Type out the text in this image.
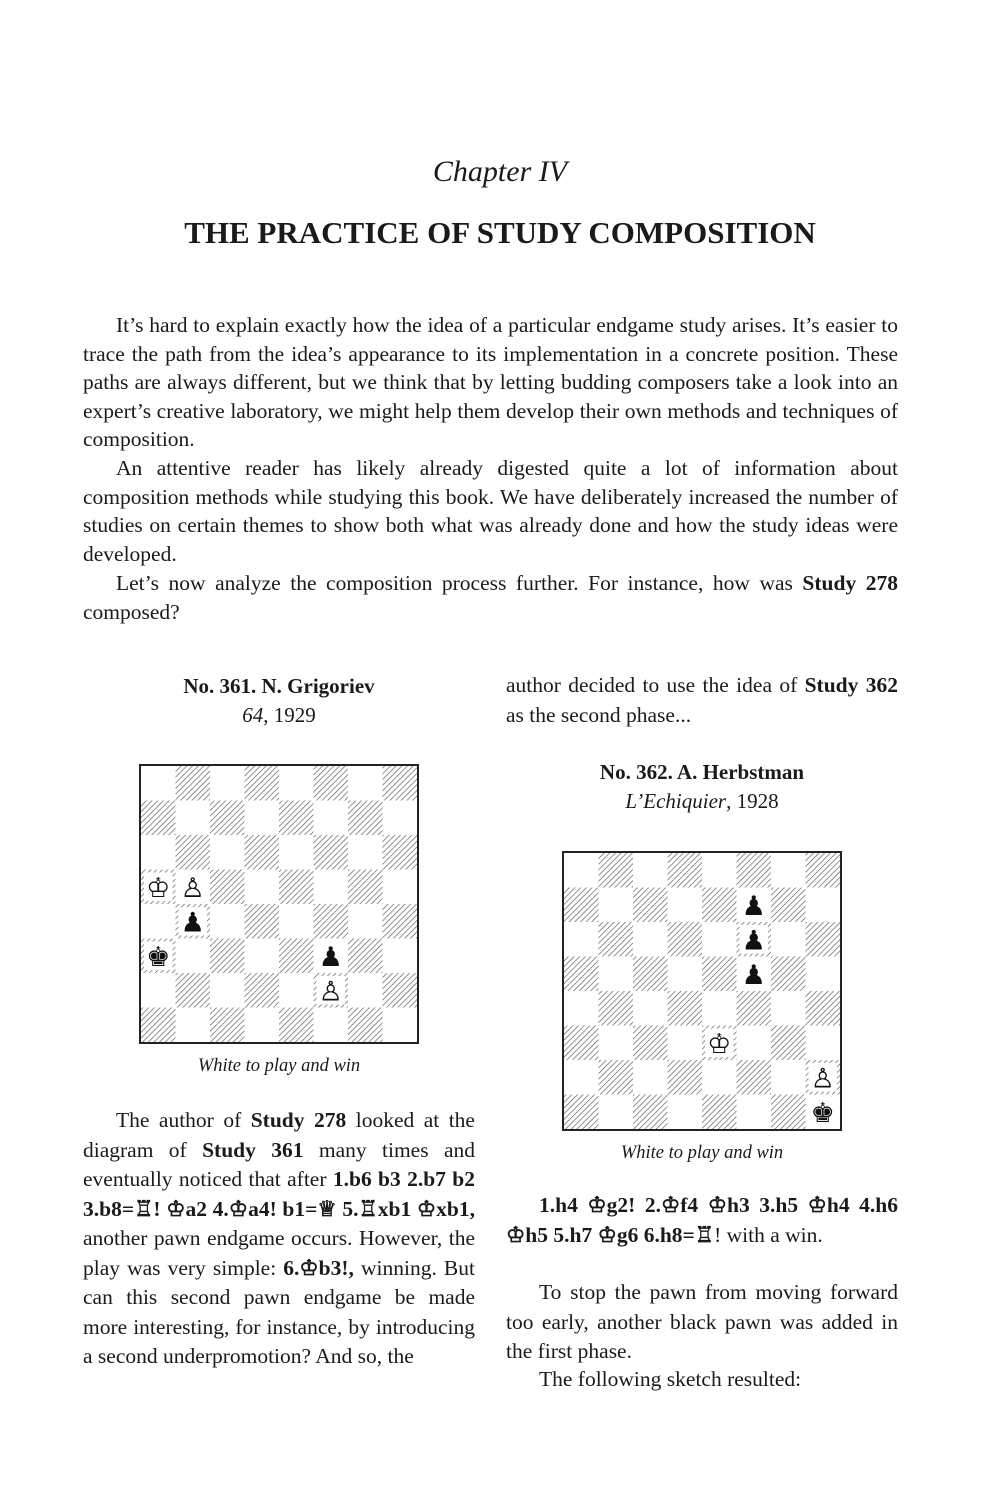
Chapter IV
THE PRACTICE OF STUDY COMPOSITION

It’s hard to explain exactly how the idea of a particular endgame study arises. It’s easier to trace the path from the idea’s appearance to its implementation in a concrete position. These paths are always different, but we think that by letting budding composers take a look into an expert’s creative laboratory, we might help them develop their own methods and techniques of composition.

An attentive reader has likely already digested quite a lot of information about composition methods while studying this book. We have deliberately increased the number of studies on certain themes to show both what was already done and how the study ideas were developed.

Let’s now analyze the composition process further. For instance, how was Study 278 composed?

No. 361. N. Grigoriev
64, 1929
♔ ♙
♟
♚	♟
♙
White to play and win

The author of Study 278 looked at the diagram of Study 361 many times and eventually noticed that after 1.b6 b3 2.b7 b2 3.b8=♖! ♔a2 4.♔a4! b1=♕ 5.♖xb1 ♔xb1, another pawn endgame occurs. However, the play was very simple: 6.♔b3!, winning. But can this second pawn endgame be made more interesting, for instance, by introducing a second underpromotion? And so, the

author decided to use the idea of Study 362 as the second phase...

No. 362. A. Herbstman
L’Echiquier, 1928
♟
♟
♟
♔
♙
♚
White to play and win

1.h4 ♔g2! 2.♔f4 ♔h3 3.h5 ♔h4 4.h6 ♔h5 5.h7 ♔g6 6.h8=♖! with a win.

To stop the pawn from moving forward too early, another black pawn was added in the first phase.

The following sketch resulted:
